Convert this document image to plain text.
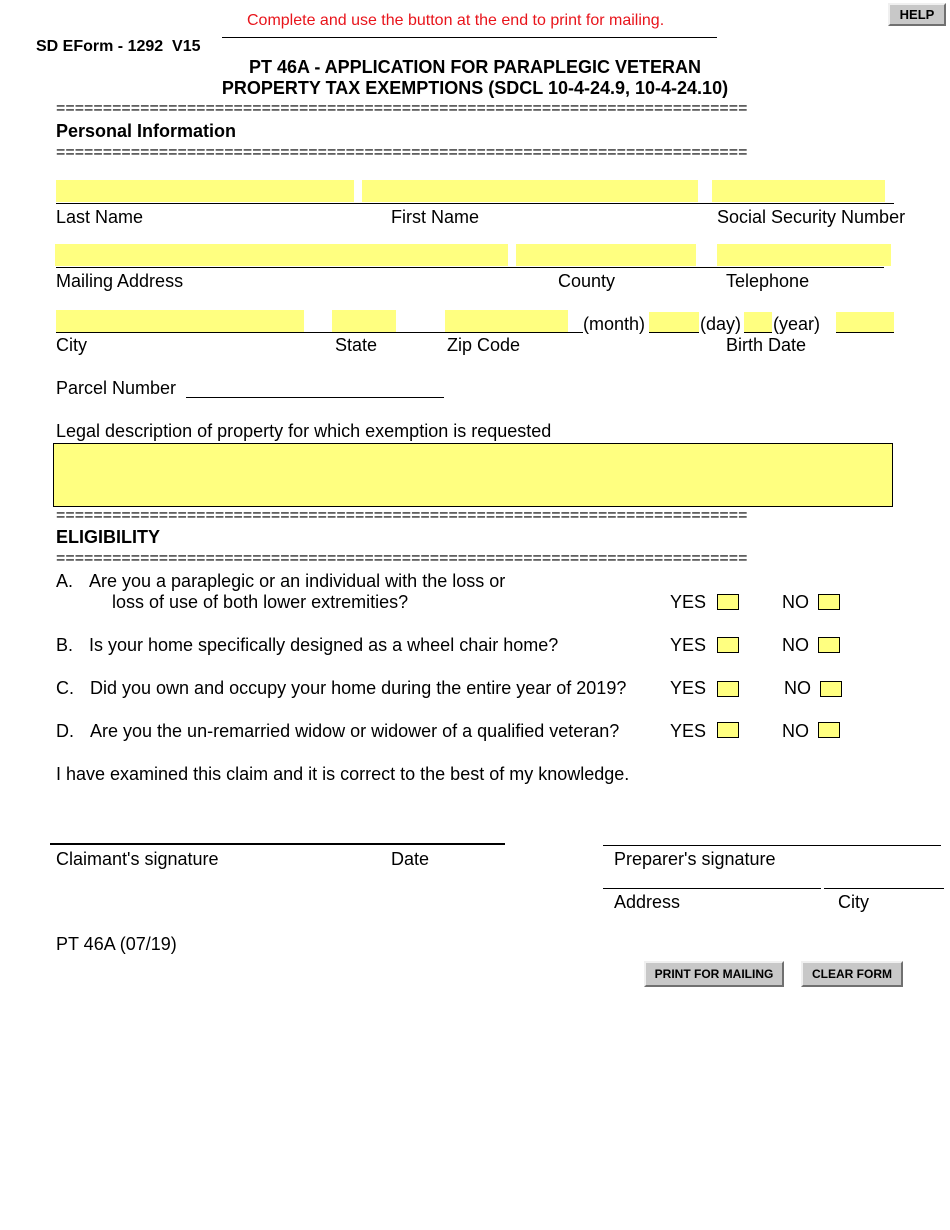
Complete and use the button at the end to print for mailing.	HELP
SD EForm - 1292 V15
PT 46A - APPLICATION FOR PARAPLEGIC VETERAN
PROPERTY TAX EXEMPTIONS (SDCL 10-4-24.9, 10-4-24.10)
==========================================================================
Personal Information
==========================================================================
Last Name	First Name	Social Security Number
Mailing Address	County	Telephone
(month)	(day) (year)
City	State	Zip Code	Birth Date
Parcel Number
Legal description of property for which exemption is requested
==========================================================================
ELIGIBILITY
==========================================================================
A. Are you a paraplegic or an individual with the loss or
loss of use of both lower extremities?	YES	NO
B. Is your home specifically designed as a wheel chair home?	YES	NO
C. Did you own and occupy your home during the entire year of 2019? YES	NO
D. Are you the un-remarried widow or widower of a qualified veteran?	YES	NO
I have examined this claim and it is correct to the best of my knowledge.
Claimant's signature	Date	Preparer's signature
Address	City
PT 46A (07/19)
PRINT FOR MAILING	CLEAR FORM
